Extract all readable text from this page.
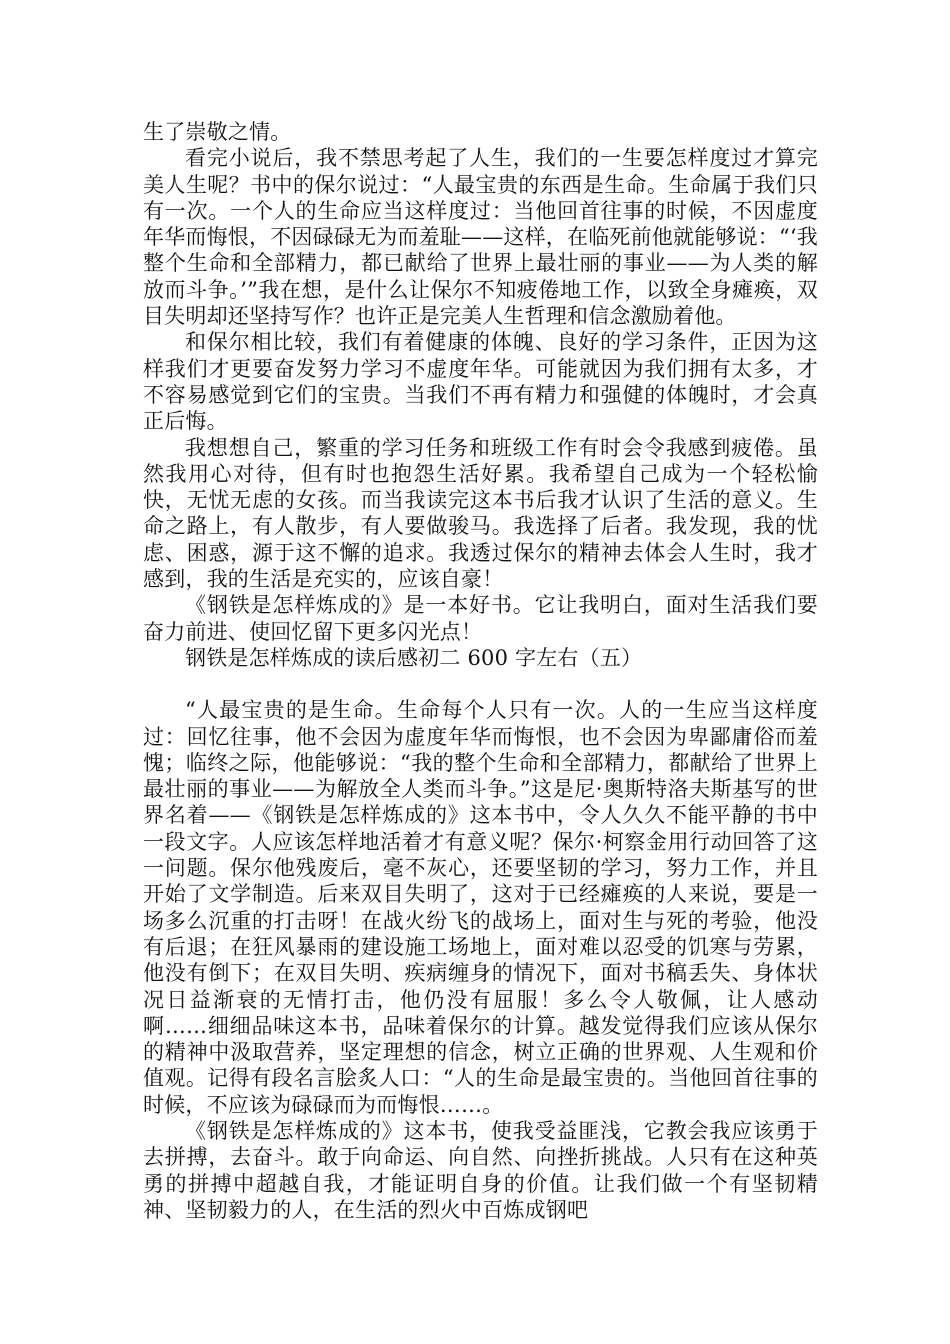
生了崇敬之情。

看完小说后，我不禁思考起了人生，我们的一生要怎样度过才算完美人生呢？书中的保尔说过：“人最宝贵的东西是生命。生命属于我们只有一次。一个人的生命应当这样度过：当他回首往事的时候，不因虚度年华而悔恨，不因碌碌无为而羞耻——这样，在临死前他就能够说：“‘我整个生命和全部精力，都已献给了世界上最壮丽的事业——为人类的解放而斗争。’”我在想，是什么让保尔不知疲倦地工作，以致全身瘫痪，双目失明却还坚持写作？也许正是完美人生哲理和信念激励着他。

和保尔相比较，我们有着健康的体魄、良好的学习条件，正因为这样我们才更要奋发努力学习不虚度年华。可能就因为我们拥有太多，才不容易感觉到它们的宝贵。当我们不再有精力和强健的体魄时，才会真正后悔。

我想想自己，繁重的学习任务和班级工作有时会令我感到疲倦。虽然我用心对待，但有时也抱怨生活好累。我希望自己成为一个轻松愉快，无忧无虑的女孩。而当我读完这本书后我才认识了生活的意义。生命之路上，有人散步，有人要做骏马。我选择了后者。我发现，我的忧虑、困惑，源于这不懈的追求。我透过保尔的精神去体会人生时，我才感到，我的生活是充实的，应该自豪！

《钢铁是怎样炼成的》是一本好书。它让我明白，面对生活我们要奋力前进、使回忆留下更多闪光点！

钢铁是怎样炼成的读后感初二 600 字左右（五）

“人最宝贵的是生命。生命每个人只有一次。人的一生应当这样度过：回忆往事，他不会因为虚度年华而悔恨，也不会因为卑鄙庸俗而羞愧；临终之际，他能够说：“我的整个生命和全部精力，都献给了世界上最壮丽的事业——为解放全人类而斗争。”这是尼·奥斯特洛夫斯基写的世界名着——《钢铁是怎样炼成的》这本书中，令人久久不能平静的书中一段文字。人应该怎样地活着才有意义呢？保尔·柯察金用行动回答了这一问题。保尔他残废后，毫不灰心，还要坚韧的学习，努力工作，并且开始了文学制造。后来双目失明了，这对于已经瘫痪的人来说，要是一场多么沉重的打击呀！在战火纷飞的战场上，面对生与死的考验，他没有后退；在狂风暴雨的建设施工场地上，面对难以忍受的饥寒与劳累，他没有倒下；在双目失明、疾病缠身的情况下，面对书稿丢失、身体状况日益渐衰的无情打击，他仍没有屈服！多么令人敬佩，让人感动啊……细细品味这本书，品味着保尔的计算。越发觉得我们应该从保尔的精神中汲取营养，坚定理想的信念，树立正确的世界观、人生观和价值观。记得有段名言脍炙人口：“人的生命是最宝贵的。当他回首往事的时候，不应该为碌碌而为而悔恨……。

《钢铁是怎样炼成的》这本书，使我受益匪浅，它教会我应该勇于去拼搏，去奋斗。敢于向命运、向自然、向挫折挑战。人只有在这种英勇的拼搏中超越自我，才能证明自身的价值。让我们做一个有坚韧精神、坚韧毅力的人，在生活的烈火中百炼成钢吧
